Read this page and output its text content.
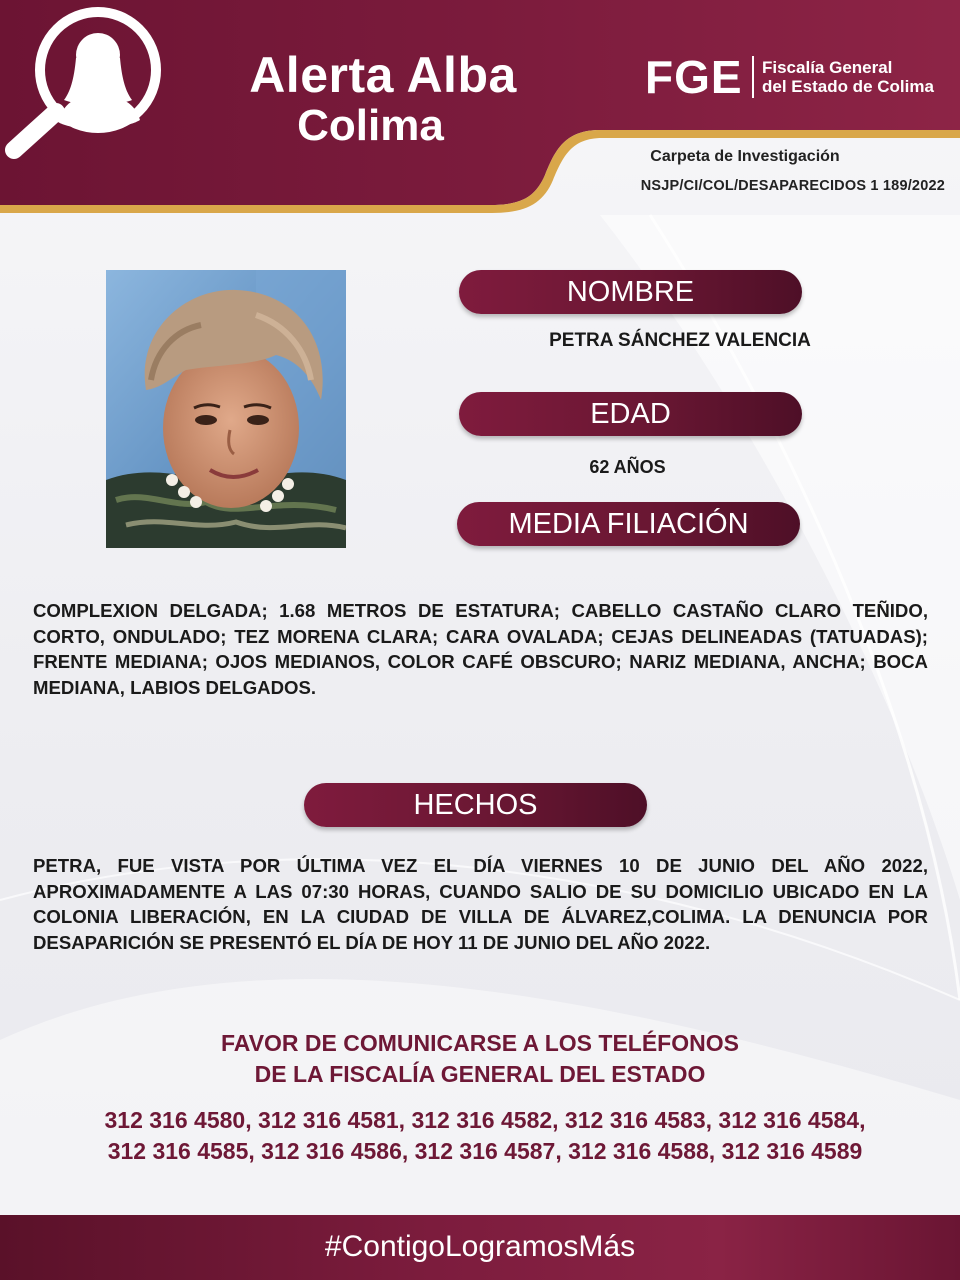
Alerta Alba
Colima
FGE Fiscalía General
del Estado de Colima
Carpeta de Investigación
NSJP/CI/COL/DESAPARECIDOS 1 189/2022
NOMBRE
PETRA SÁNCHEZ VALENCIA
EDAD
62 AÑOS
MEDIA FILIACIÓN
COMPLEXION DELGADA; 1.68 METROS DE ESTATURA; CABELLO CASTAÑO CLARO TEÑIDO, CORTO, ONDULADO; TEZ MORENA CLARA; CARA OVALADA; CEJAS DELINEADAS (TATUADAS); FRENTE MEDIANA; OJOS MEDIANOS, COLOR CAFÉ OBSCURO; NARIZ MEDIANA, ANCHA; BOCA MEDIANA, LABIOS DELGADOS.
HECHOS
PETRA, FUE VISTA POR ÚLTIMA VEZ EL DÍA VIERNES 10 DE JUNIO DEL AÑO 2022, APROXIMADAMENTE A LAS 07:30 HORAS, CUANDO SALIO DE SU DOMICILIO UBICADO EN LA COLONIA LIBERACIÓN, EN LA CIUDAD DE VILLA DE ÁLVAREZ,COLIMA. LA DENUNCIA POR DESAPARICIÓN SE PRESENTÓ EL DÍA DE HOY 11 DE JUNIO DEL AÑO 2022.
FAVOR DE COMUNICARSE A LOS TELÉFONOS
DE LA FISCALÍA GENERAL DEL ESTADO
312 316 4580, 312 316 4581, 312 316 4582, 312 316 4583, 312 316 4584, 312 316 4585, 312 316 4586, 312 316 4587, 312 316 4588, 312 316 4589
#ContigoLogramosMás
